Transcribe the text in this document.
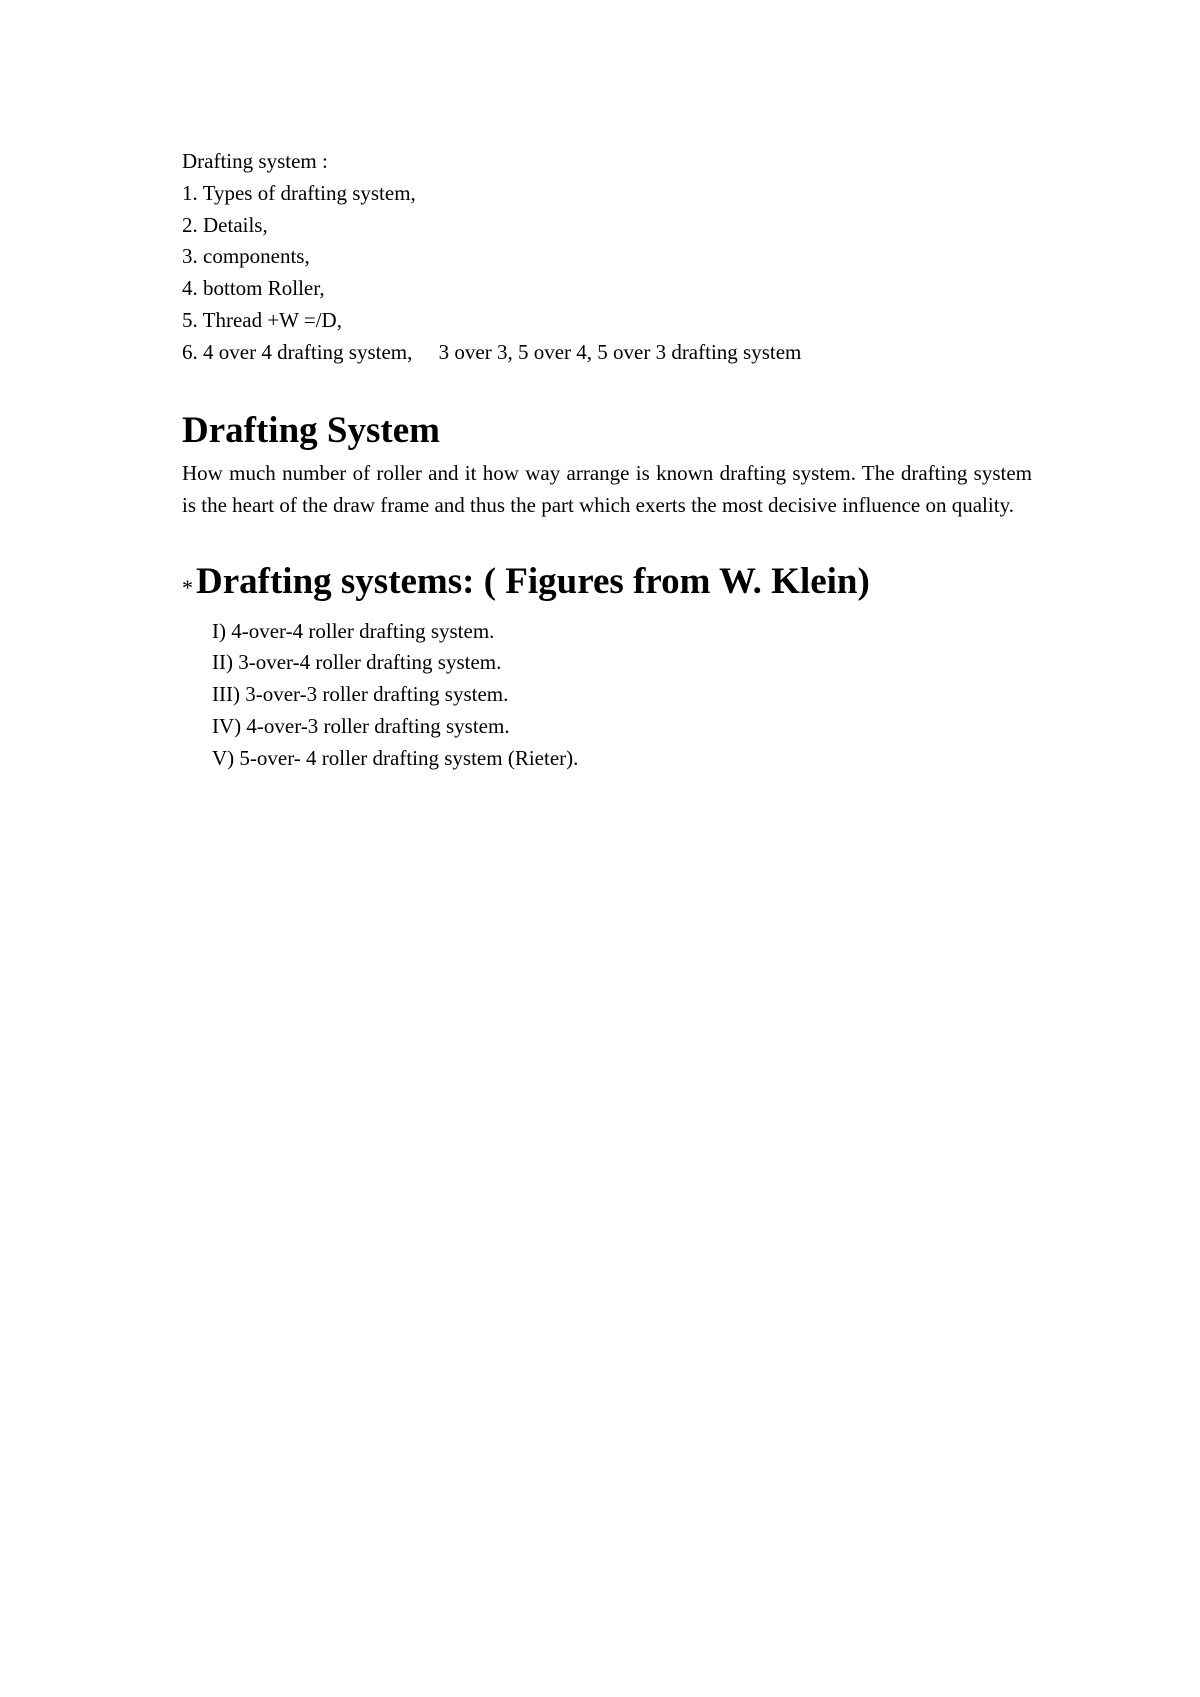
Drafting system :

1. Types of drafting system,

2. Details,

3. components,

4. bottom Roller,

5. Thread +W =/D,

6. 4 over 4 drafting system,     3 over 3, 5 over 4, 5 over 3 drafting system

Drafting System

How much number of roller and it how way arrange is known drafting system. The drafting system is the heart of the draw frame and thus the part which exerts the most decisive influence on quality.

* Drafting systems: ( Figures from W. Klein)
I) 4-over-4 roller drafting system.
II) 3-over-4 roller drafting system.
III) 3-over-3 roller drafting system.
IV) 4-over-3 roller drafting system.
V) 5-over- 4 roller drafting system (Rieter).
